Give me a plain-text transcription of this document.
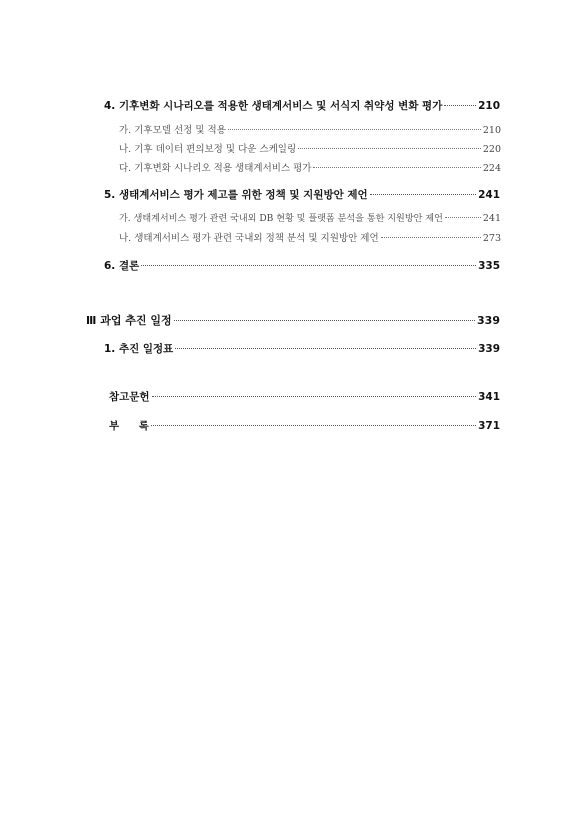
4. 기후변화 시나리오를 적용한 생태계서비스 및 서식지 취약성 변화 평가	210
가. 기후모델 선정 및 적용	210
나. 기후 데이터 편의보정 및 다운 스케일링	220
다. 기후변화 시나리오 적용 생태계서비스 평가	224
5. 생태계서비스 평가 제고를 위한 정책 및 지원방안 제언	241
가. 생태계서비스 평가 관련 국내외 DB 현황 및 플랫폼 분석을 통한 지원방안 제언	241
나. 생태계서비스 평가 관련 국내외 정책 분석 및 지원방안 제언	273
6. 결론	335
Ⅲ 과업 추진 일정	339
1. 추진 일정표	339
참고문헌	341
부 록	371
